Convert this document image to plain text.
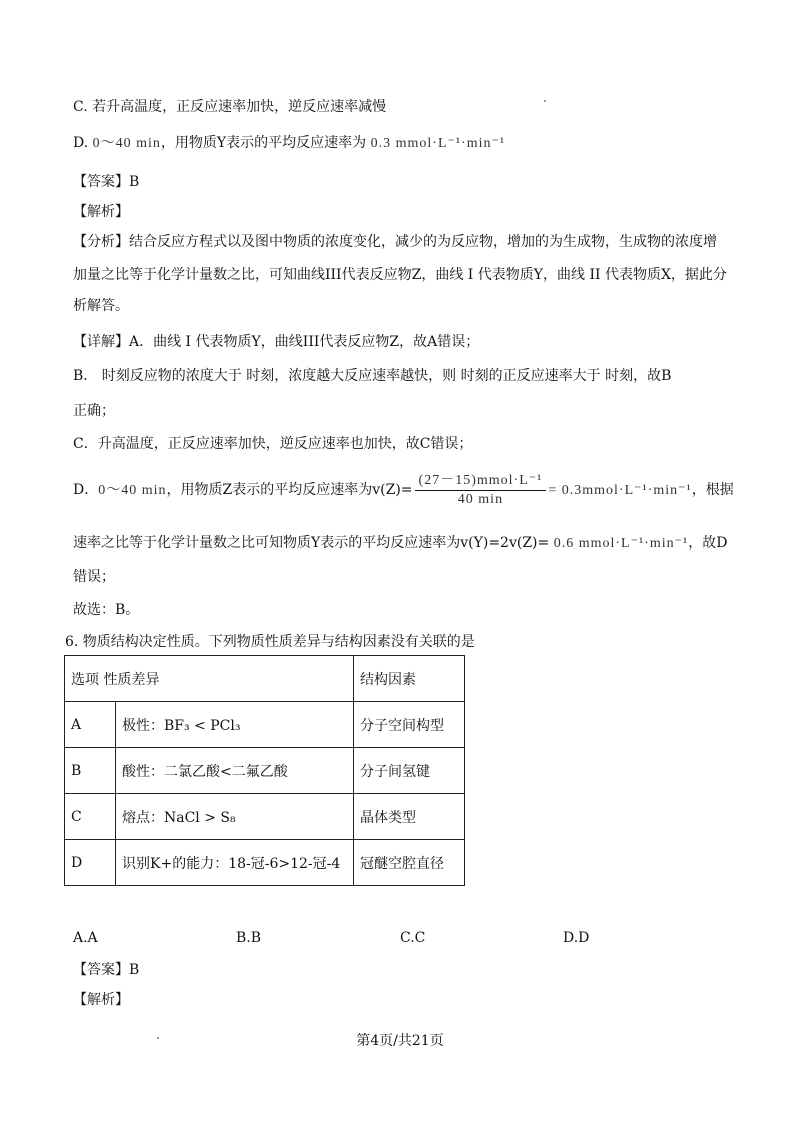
C. 若升高温度，正反应速率加快，逆反应速率减慢
D. 0～40 min，用物质Y表示的平均反应速率为 0.3 mmol·L⁻¹·min⁻¹
【答案】B
【解析】
【分析】结合反应方程式以及图中物质的浓度变化，减少的为反应物，增加的为生成物，生成物的浓度增
加量之比等于化学计量数之比，可知曲线III代表反应物Z，曲线 I 代表物质Y，曲线 II 代表物质X，据此分
析解答。
【详解】A．曲线 I 代表物质Y，曲线III代表反应物Z，故A错误；
B． 时刻反应物的浓度大于 时刻，浓度越大反应速率越快，则 时刻的正反应速率大于 时刻，故B
正确；
C．升高温度，正反应速率加快，逆反应速率也加快，故C错误；
D．0～40 min，用物质Z表示的平均反应速率为$v(Z)= \frac{\text{(27－15)mmol·L⁻¹}}{40 \min}$ = 0.3mmol·L⁻¹·min⁻¹，根据
速率之比等于化学计量数之比可知物质Y表示的平均反应速率为v(Y)=2v(Z)= 0.6 mmol·L⁻¹·min⁻¹，故D
错误；
故选：B。
6. 物质结构决定性质。下列物质性质差异与结构因素没有关联的是
选项 性质差异		结构因素
A	极性：BF₃ < PCl₃	分子空间构型
B	酸性：二氯乙酸<二氟乙酸	分子间氢键
C	熔点：NaCl > S₈	晶体类型
D	识别K+的能力：18-冠-6>12-冠-4	冠醚空腔直径
A.A	B.B	C.C	D.D
【答案】B
【解析】
第4页/共21页
